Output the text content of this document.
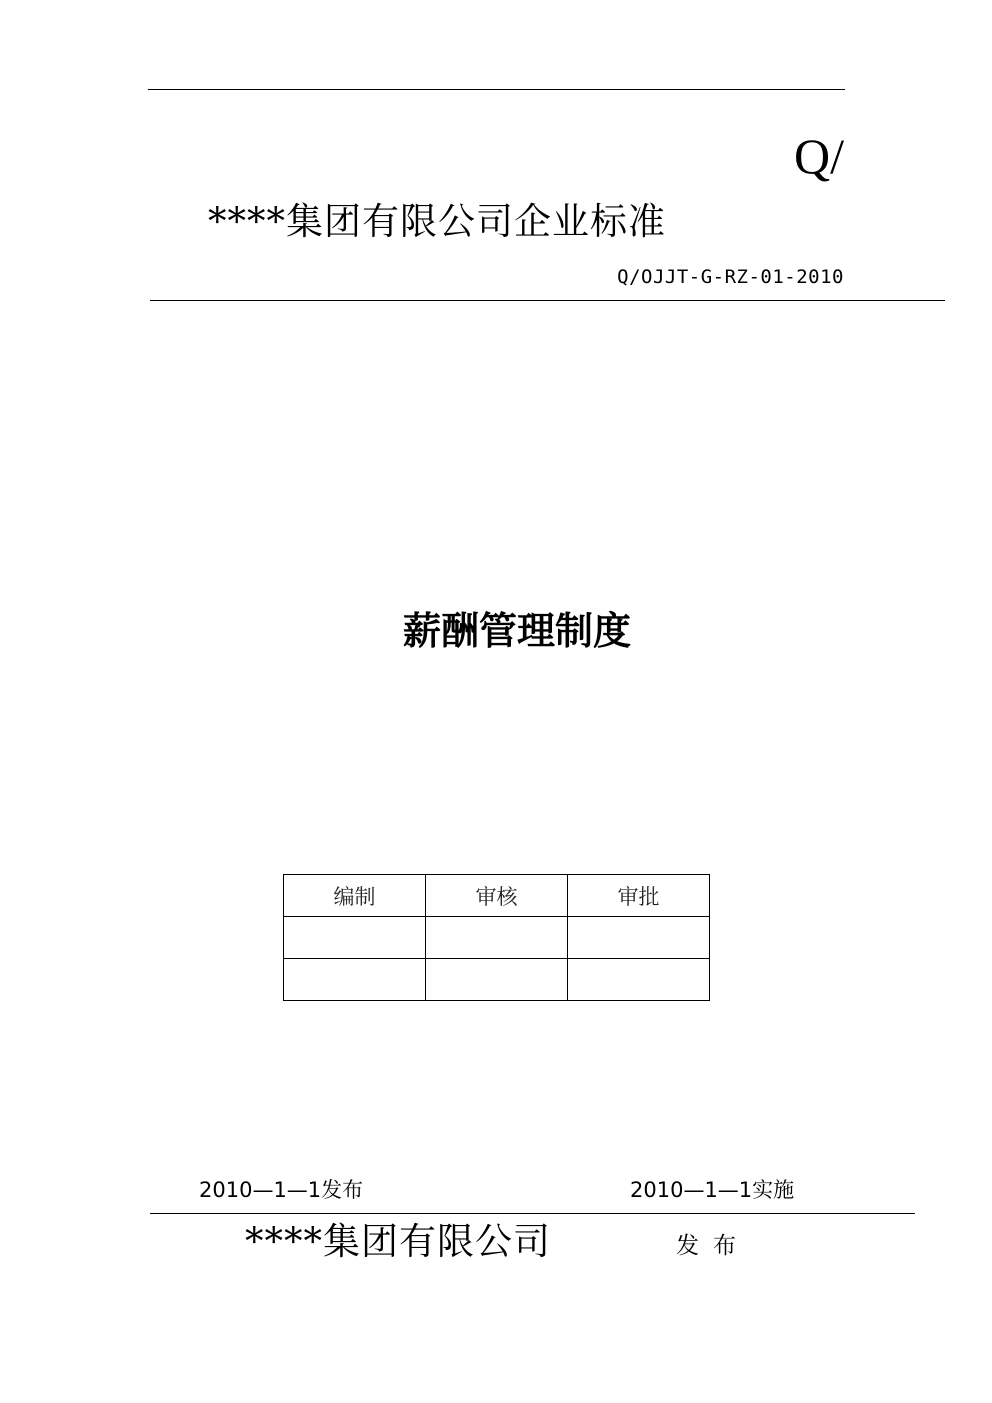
Q/
****集团有限公司企业标准
Q/OJJT-G-RZ-01-2010
薪酬管理制度
编制	审核	审批

2010—1—1发布	2010—1—1实施
****集团有限公司	发布
